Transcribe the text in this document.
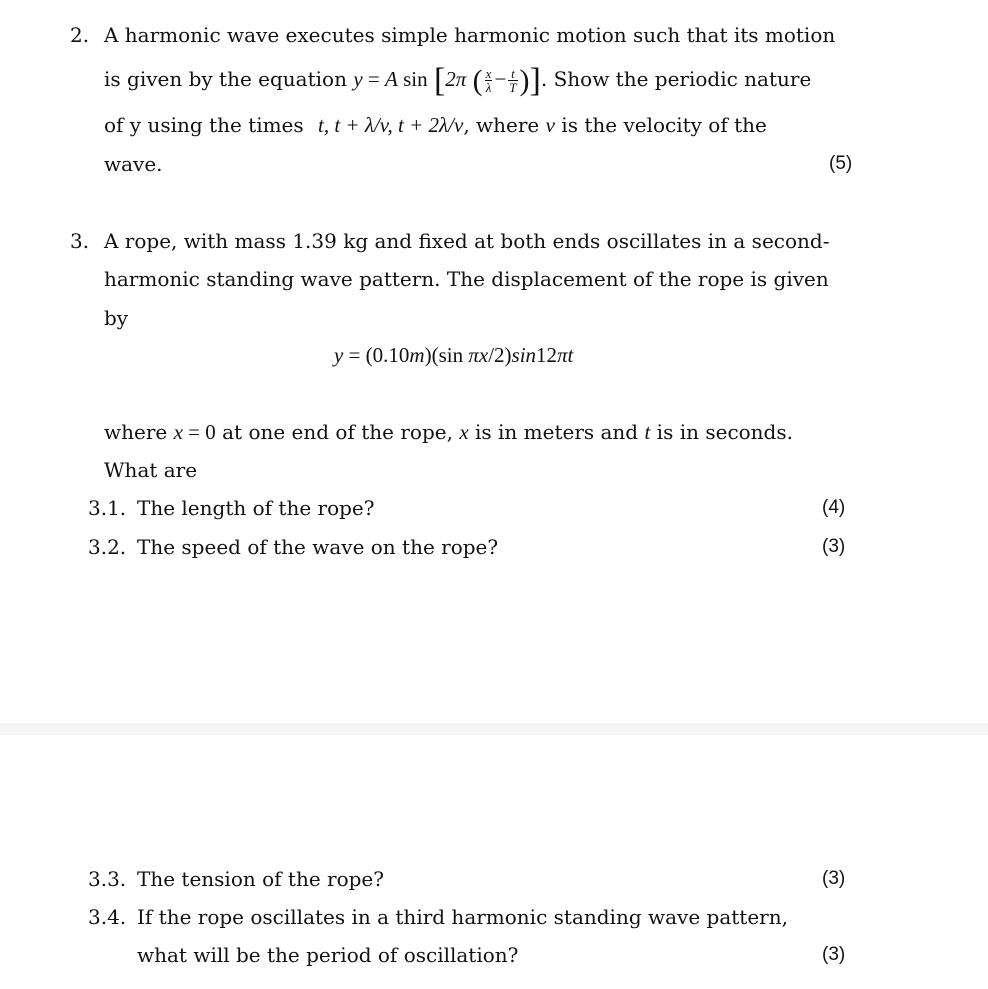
2. A harmonic wave executes simple harmonic motion such that its motion
is given by the equation y = A sin [2π ( $\frac{x}{\lambda} - \frac{t}{T}$ )]. Show the periodic nature
of y using the times t, t + λ/v, t + 2λ/v, where v is the velocity of the
wave.	(5)
3. A rope, with mass 1.39 kg and fixed at both ends oscillates in a second-
harmonic standing wave pattern. The displacement of the rope is given
by
y = (0.10m)(sin πx/2)sin12πt
where x = 0 at one end of the rope, x is in meters and t is in seconds.
What are
3.1. The length of the rope?	(4)
3.2. The speed of the wave on the rope?	(3)
3.3. The tension of the rope?	(3)
3.4. If the rope oscillates in a third harmonic standing wave pattern,
what will be the period of oscillation?	(3)
